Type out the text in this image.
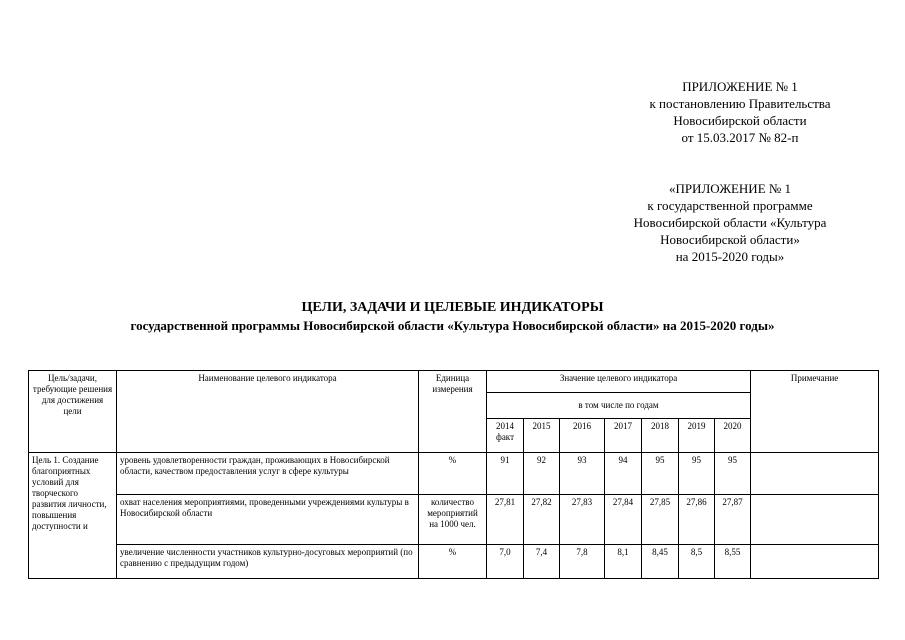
ПРИЛОЖЕНИЕ № 1
к постановлению Правительства
Новосибирской области
от 15.03.2017 № 82-п
«ПРИЛОЖЕНИЕ № 1
к государственной программе
Новосибирской области «Культура
Новосибирской области»
на 2015-2020 годы»
ЦЕЛИ, ЗАДАЧИ И ЦЕЛЕВЫЕ ИНДИКАТОРЫ
государственной программы Новосибирской области «Культура Новосибирской области» на 2015-2020 годы»
Цель/задачи, требующие решения для достижения цели	Наименование целевого индикатора	Единица измерения	Значение целевого индикатора							Примечание
			в том числе по годам							
			2014 факт	2015	2016	2017	2018	2019	2020	
Цель 1. Создание благоприятных условий для творческого развития личности, повышения доступности и	уровень удовлетворенности граждан, проживающих в Новосибирской области, качеством предоставления услуг в сфере культуры	%	91	92	93	94	95	95	95	
	охват населения мероприятиями, проведенными учреждениями культуры в Новосибирской области	количество мероприятий на 1000 чел.	27,81	27,82	27,83	27,84	27,85	27,86	27,87	
	увеличение численности участников культурно-досуговых мероприятий (по сравнению с предыдущим годом)	%	7,0	7,4	7,8	8,1	8,45	8,5	8,55	
